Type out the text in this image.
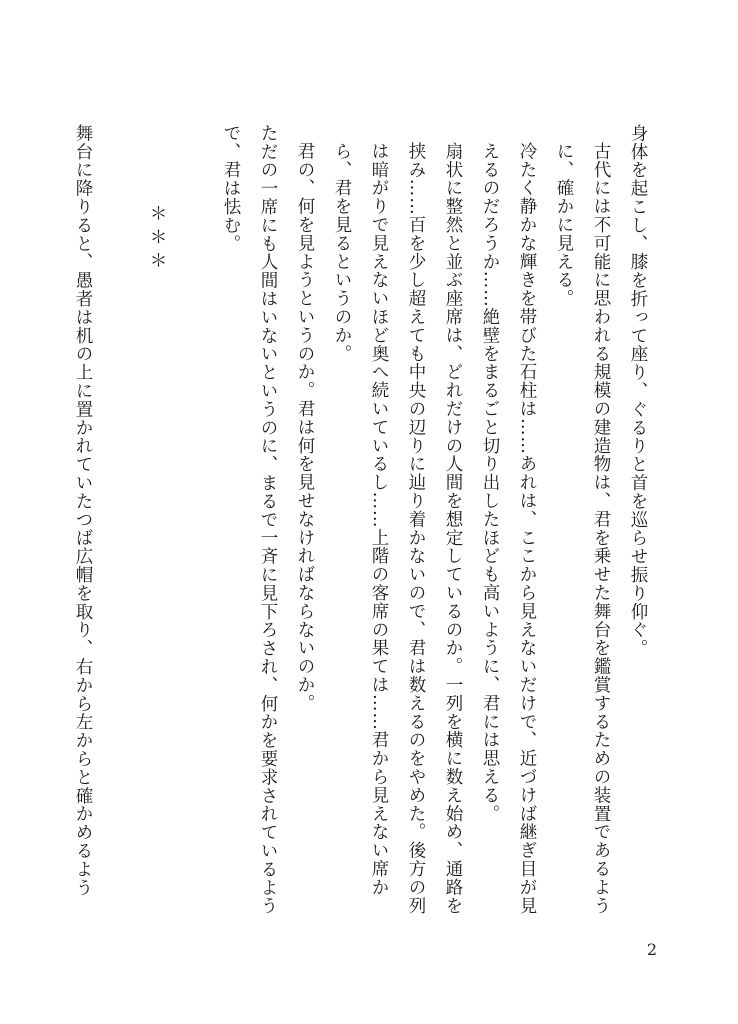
身体を起こし、膝を折って座り、ぐるりと首を巡らせ振り仰ぐ。

古代には不可能に思われる規模の建造物は、君を乗せた舞台を鑑賞するための装置であるように、確かに見える。

冷たく静かな輝きを帯びた石柱は……あれは、ここから見えないだけで、近づけば継ぎ目が見えるのだろうか……絶壁をまるごと切り出したほども高いように、君には思える。

扇状に整然と並ぶ座席は、どれだけの人間を想定しているのか。一列を横に数え始め、通路を挟み……百を少し超えても中央の辺りに辿り着かないので、君は数えるのをやめた。後方の列は暗がりで見えないほど奥へ続いているし……上階の客席の果ては……君から見えない席から、君を見るというのか。

君の、何を見ようというのか。君は何を見せなければならないのか。

ただの一席にも人間はいないというのに、まるで一斉に見下ろされ、何かを要求されているようで、君は怯む。

＊＊＊

舞台に降りると、愚者は机の上に置かれていたつば広帽を取り、右から左からと確かめるよう

2
